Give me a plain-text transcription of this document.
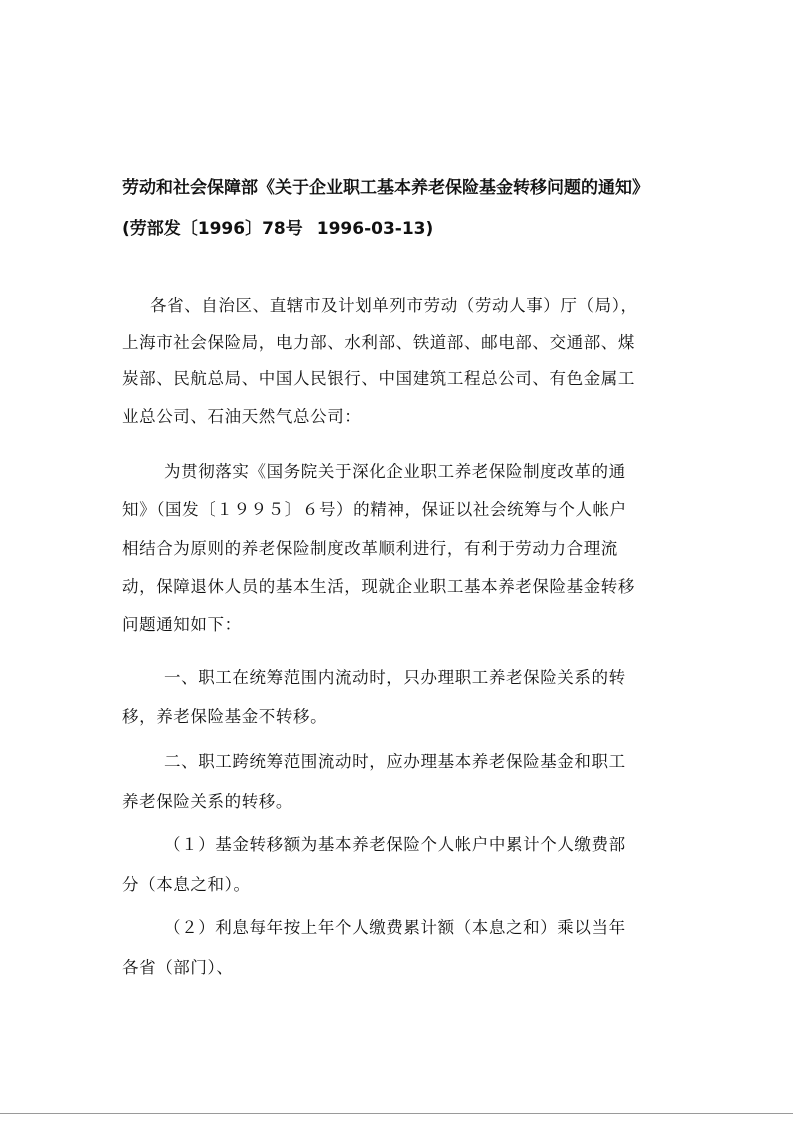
劳动和社会保障部《关于企业职工基本养老保险基金转移问题的通知》
(劳部发〔1996〕78号 1996-03-13)
各省、自治区、直辖市及计划单列市劳动（劳动人事）厅（局），
上海市社会保险局，电力部、水利部、铁道部、邮电部、交通部、煤
炭部、民航总局、中国人民银行、中国建筑工程总公司、有色金属工
业总公司、石油天然气总公司：
为贯彻落实《国务院关于深化企业职工养老保险制度改革的通
知》（国发〔１９９５〕６号）的精神，保证以社会统筹与个人帐户
相结合为原则的养老保险制度改革顺利进行，有利于劳动力合理流
动，保障退休人员的基本生活，现就企业职工基本养老保险基金转移
问题通知如下：
一、职工在统筹范围内流动时，只办理职工养老保险关系的转
移，养老保险基金不转移。
二、职工跨统筹范围流动时，应办理基本养老保险基金和职工
养老保险关系的转移。
（１）基金转移额为基本养老保险个人帐户中累计个人缴费部
分（本息之和）。
（２）利息每年按上年个人缴费累计额（本息之和）乘以当年
各省（部门）、
